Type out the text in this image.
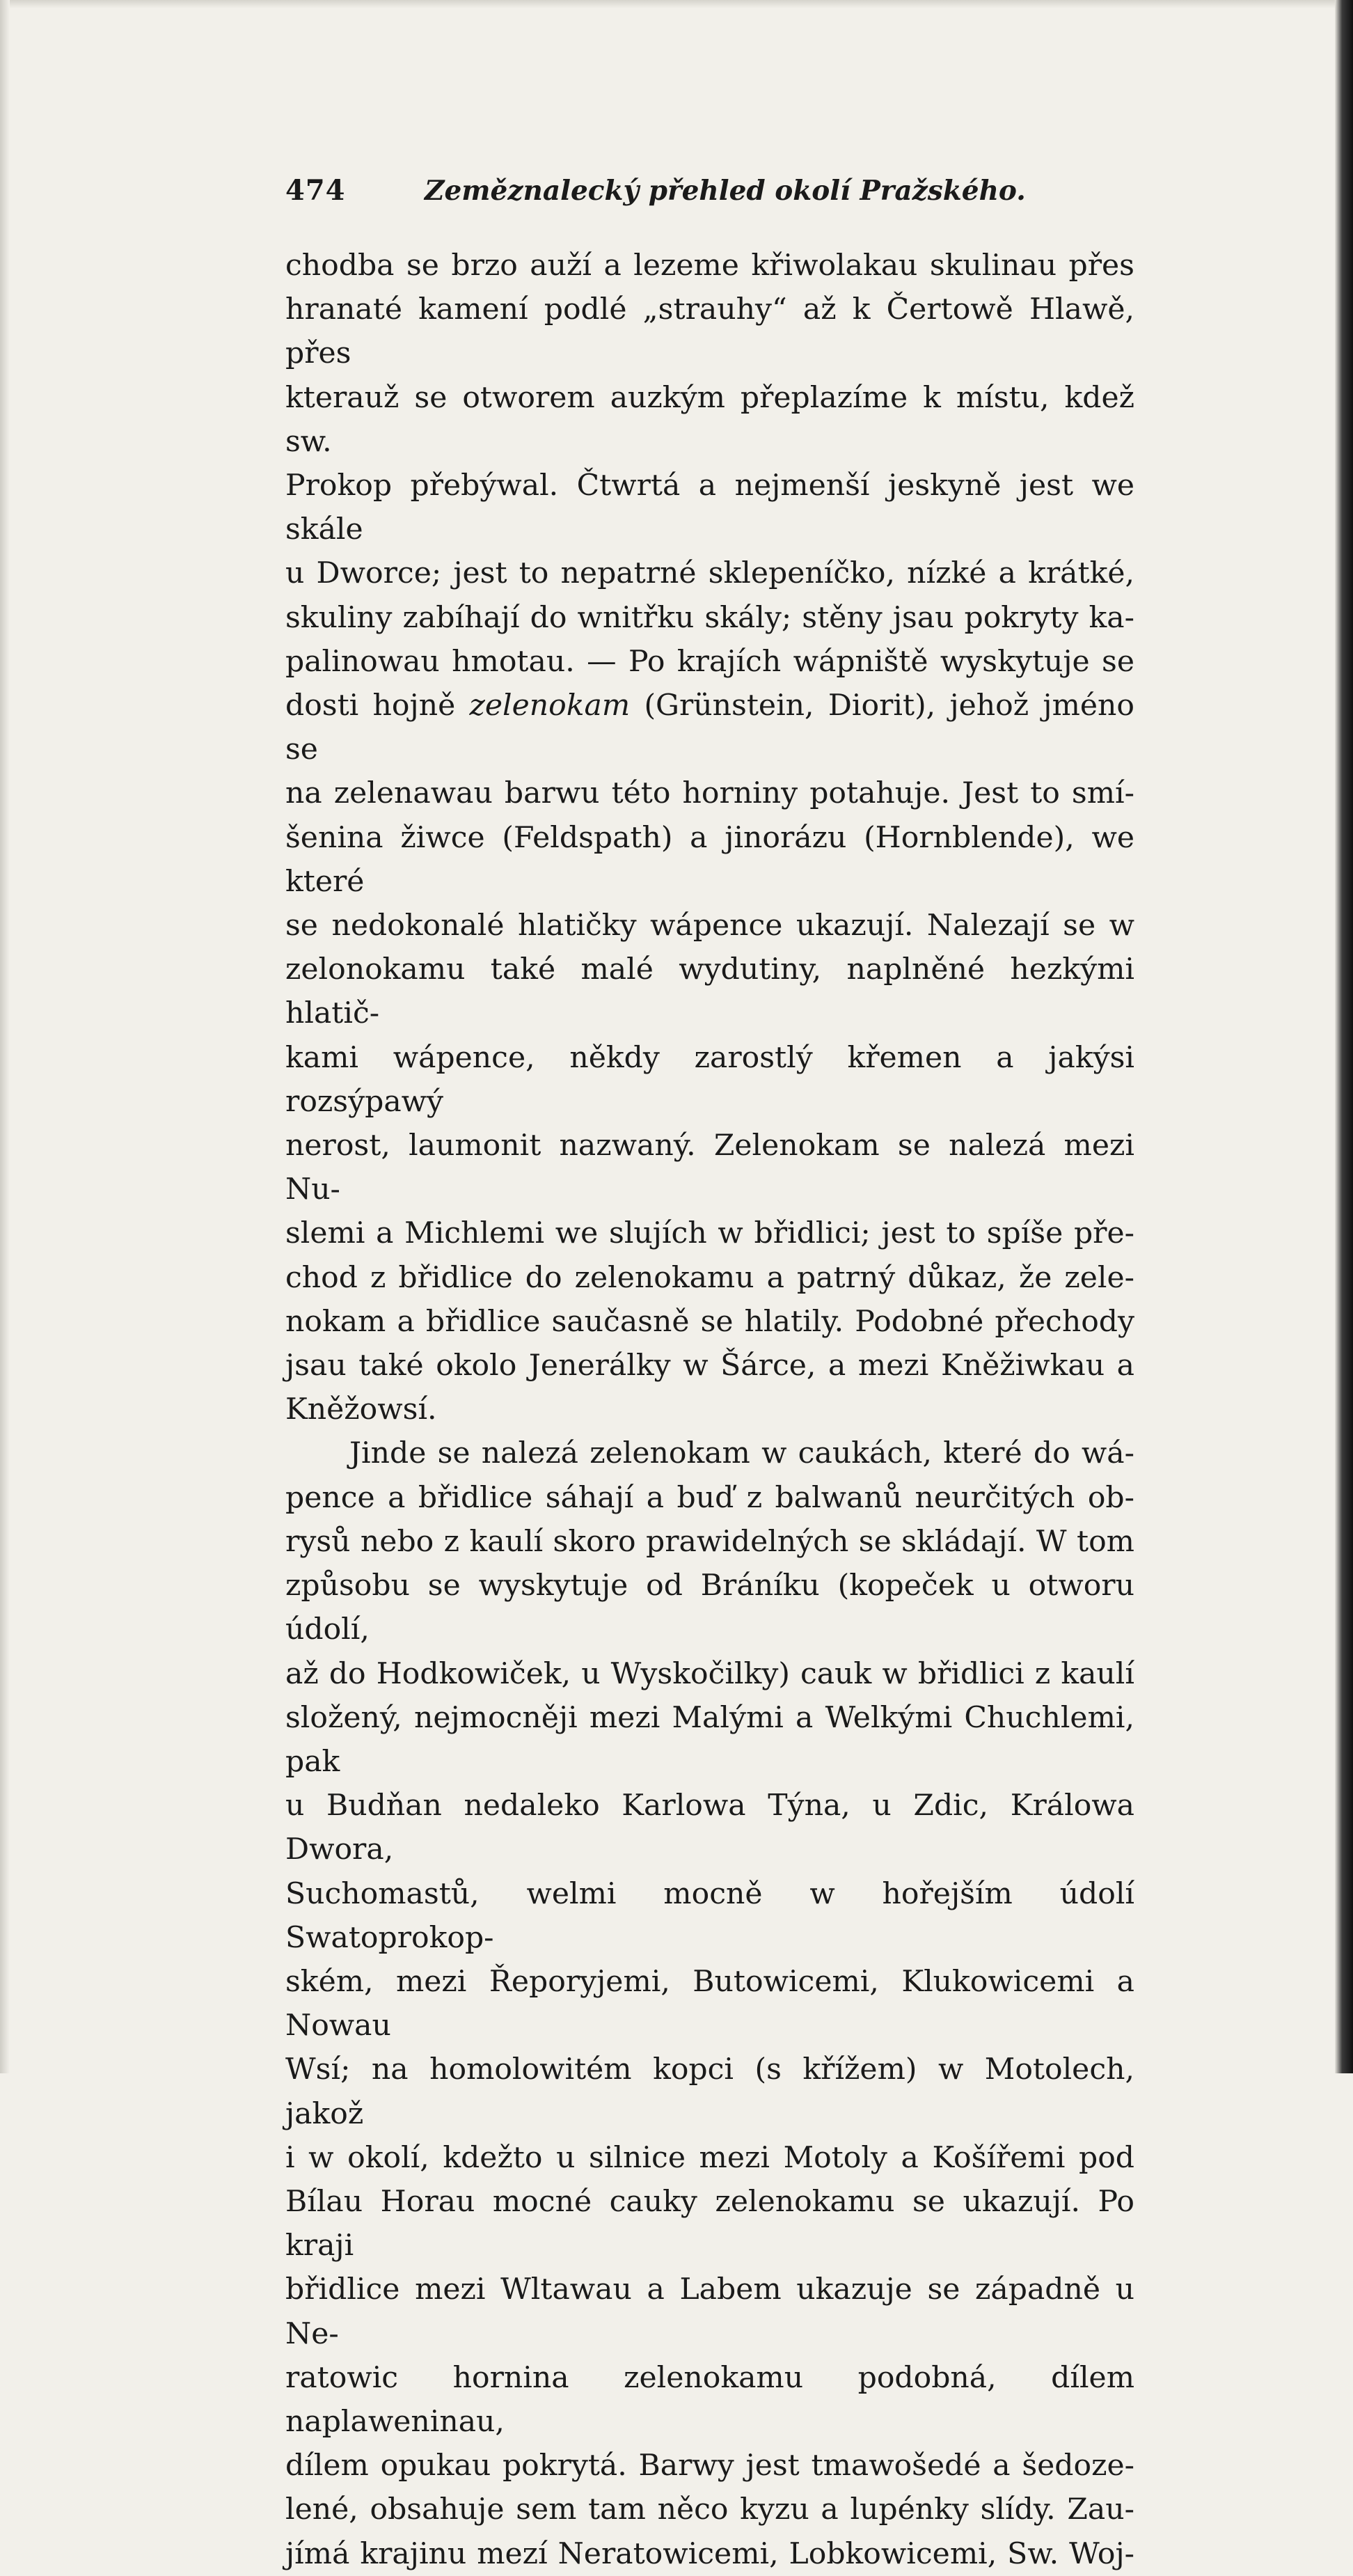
474	Zeměznalecký přehled okolí Pražského.
chodba se brzo auží a lezeme křiwolakau skulinau přes
hranaté kamení podlé „strauhy“ až k Čertowě Hlawě, přes
kterauž se otworem auzkým přeplazíme k místu, kdež sw.
Prokop přebýwal. Čtwrtá a nejmenší jeskyně jest we skále
u Dworce; jest to nepatrné sklepeníčko, nízké a krátké,
skuliny zabíhají do wnitřku skály; stěny jsau pokryty ka-
palinowau hmotau. — Po krajích wápniště wyskytuje se
dosti hojně zelenokam (Grünstein, Diorit), jehož jméno se
na zelenawau barwu této horniny potahuje. Jest to smí-
šenina žiwce (Feldspath) a jinorázu (Hornblende), we které
se nedokonalé hlatičky wápence ukazují. Nalezají se w
zelonokamu také malé wydutiny, naplněné hezkými hlatič-
kami wápence, někdy zarostlý křemen a jakýsi rozsýpawý
nerost, laumonit nazwaný. Zelenokam se nalezá mezi Nu-
slemi a Michlemi we slujích w břidlici; jest to spíše pře-
chod z břidlice do zelenokamu a patrný důkaz, že zele-
nokam a břidlice saučasně se hlatily. Podobné přechody
jsau také okolo Jenerálky w Šárce, a mezi Kněžiwkau a
Kněžowsí.
Jinde se nalezá zelenokam w caukách, které do wá-
pence a břidlice sáhají a buď z balwanů neurčitých ob-
rysů nebo z kaulí skoro prawidelných se skládají. W tom
způsobu se wyskytuje od Bráníku (kopeček u otworu údolí,
až do Hodkowiček, u Wyskočilky) cauk w břidlici z kaulí
složený, nejmocněji mezi Malými a Welkými Chuchlemi, pak
u Budňan nedaleko Karlowa Týna, u Zdic, Králowa Dwora,
Suchomastů, welmi mocně w hořejším údolí Swatoprokop-
ském, mezi Řeporyjemi, Butowicemi, Klukowicemi a Nowau
Wsí; na homolowitém kopci (s křížem) w Motolech, jakož
i w okolí, kdežto u silnice mezi Motoly a Košířemi pod
Bílau Horau mocné cauky zelenokamu se ukazují. Po kraji
břidlice mezi Wltawau a Labem ukazuje se západně u Ne-
ratowic hornina zelenokamu podobná, dílem naplaweninau,
dílem opukau pokrytá. Barwy jest tmawošedé a šedoze-
lené, obsahuje sem tam něco kyzu a lupénky slídy. Zau-
jímá krajinu mezí Neratowicemi, Lobkowicemi, Sw. Woj-
